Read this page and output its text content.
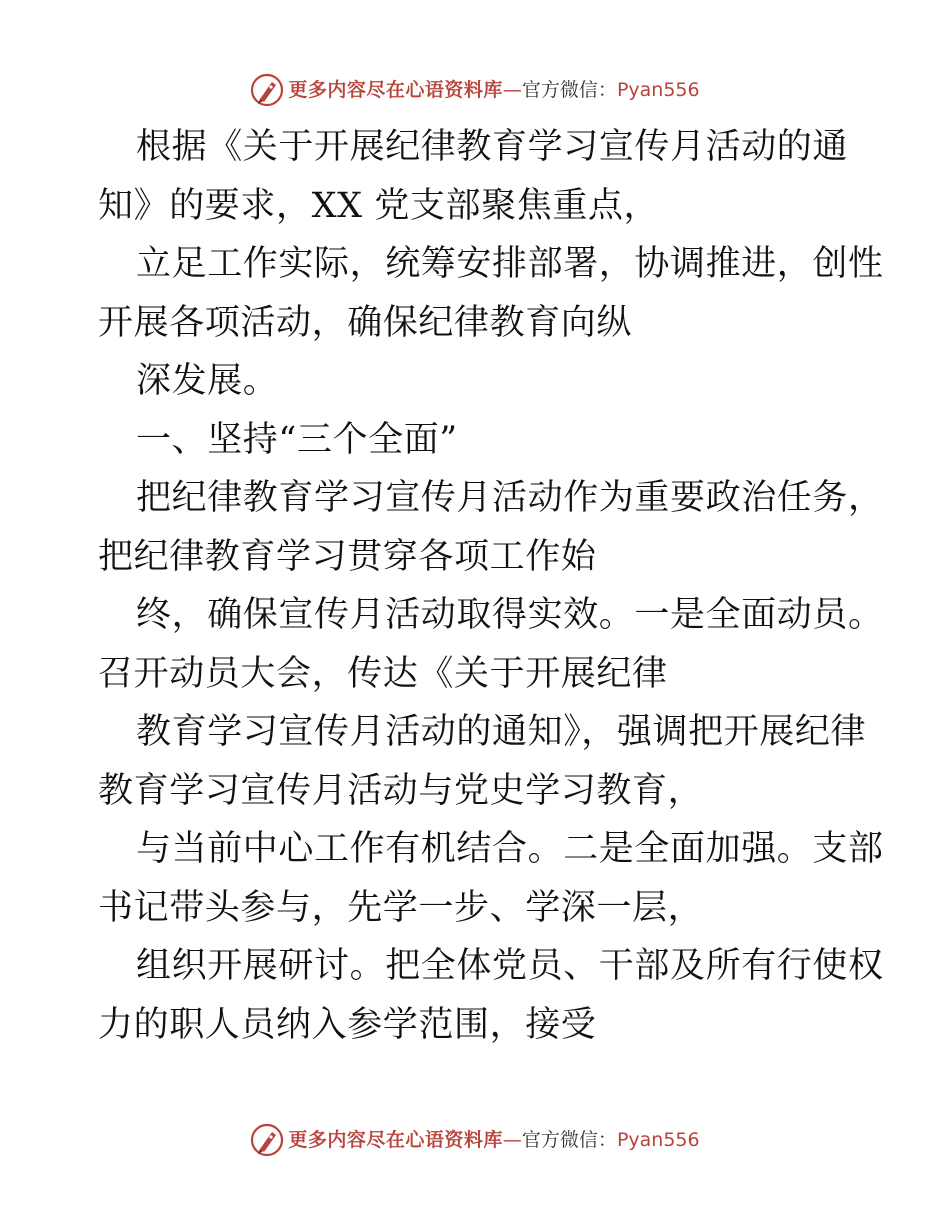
更多内容尽在心语资料库 — 官方微信： Pyan556
根据《关于开展纪律教育学习宣传月活动的通
知》的要求，XX 党支部聚焦重点，
立足工作实际，统筹安排部署，协调推进，创性
开展各项活动，确保纪律教育向纵
深发展。
一、坚持“三个全面”
把纪律教育学习宣传月活动作为重要政治任务，
把纪律教育学习贯穿各项工作始
终，确保宣传月活动取得实效。一是全面动员。
召开动员大会，传达《关于开展纪律
教育学习宣传月活动的通知》，强调把开展纪律
教育学习宣传月活动与党史学习教育，
与当前中心工作有机结合。二是全面加强。支部
书记带头参与，先学一步、学深一层，
组织开展研讨。把全体党员、干部及所有行使权
力的职人员纳入参学范围，接受
更多内容尽在心语资料库 — 官方微信： Pyan556
